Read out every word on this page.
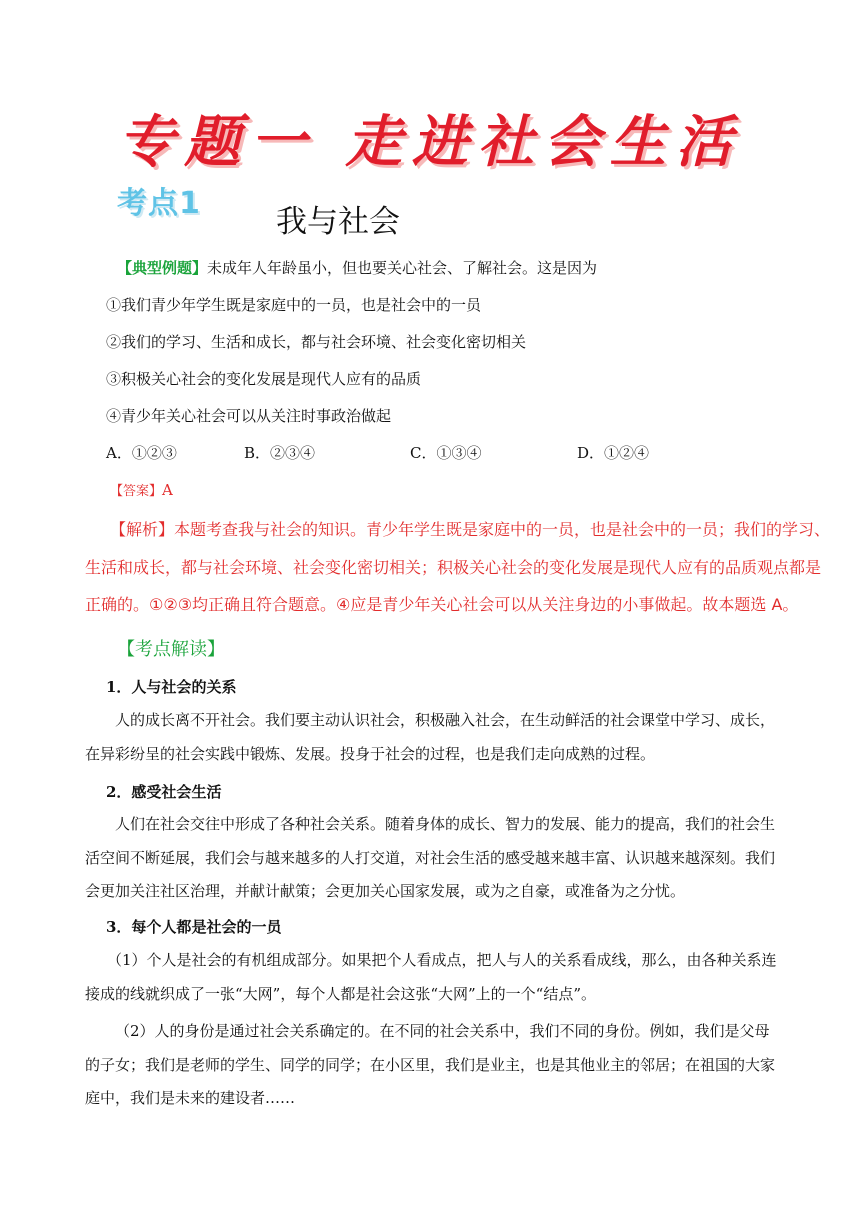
专题一 走进社会生活
考点1
我与社会
【典型例题】未成年人年龄虽小，但也要关心社会、了解社会。这是因为
①我们青少年学生既是家庭中的一员，也是社会中的一员
②我们的学习、生活和成长，都与社会环境、社会变化密切相关
③积极关心社会的变化发展是现代人应有的品质
④青少年关心社会可以从关注时事政治做起
A．①②③	B．②③④	C．①③④	D．①②④
【答案】A
【解析】本题考查我与社会的知识。青少年学生既是家庭中的一员，也是社会中的一员；我们的学习、
生活和成长，都与社会环境、社会变化密切相关；积极关心社会的变化发展是现代人应有的品质观点都是
正确的。①②③均正确且符合题意。④应是青少年关心社会可以从关注身边的小事做起。故本题选 A。
【考点解读】
1．人与社会的关系
人的成长离不开社会。我们要主动认识社会，积极融入社会，在生动鲜活的社会课堂中学习、成长，在异彩纷呈的社会实践中锻炼、发展。投身于社会的过程，也是我们走向成熟的过程。
2．感受社会生活
人们在社会交往中形成了各种社会关系。随着身体的成长、智力的发展、能力的提高，我们的社会生活空间不断延展，我们会与越来越多的人打交道，对社会生活的感受越来越丰富、认识越来越深刻。我们会更加关注社区治理，并献计献策；会更加关心国家发展，或为之自豪，或准备为之分忧。
3．每个人都是社会的一员
（1）个人是社会的有机组成部分。如果把个人看成点，把人与人的关系看成线，那么，由各种关系连接成的线就织成了一张“大网”，每个人都是社会这张“大网”上的一个“结点”。
（2）人的身份是通过社会关系确定的。在不同的社会关系中，我们不同的身份。例如，我们是父母的子女；我们是老师的学生、同学的同学；在小区里，我们是业主，也是其他业主的邻居；在祖国的大家庭中，我们是未来的建设者……
